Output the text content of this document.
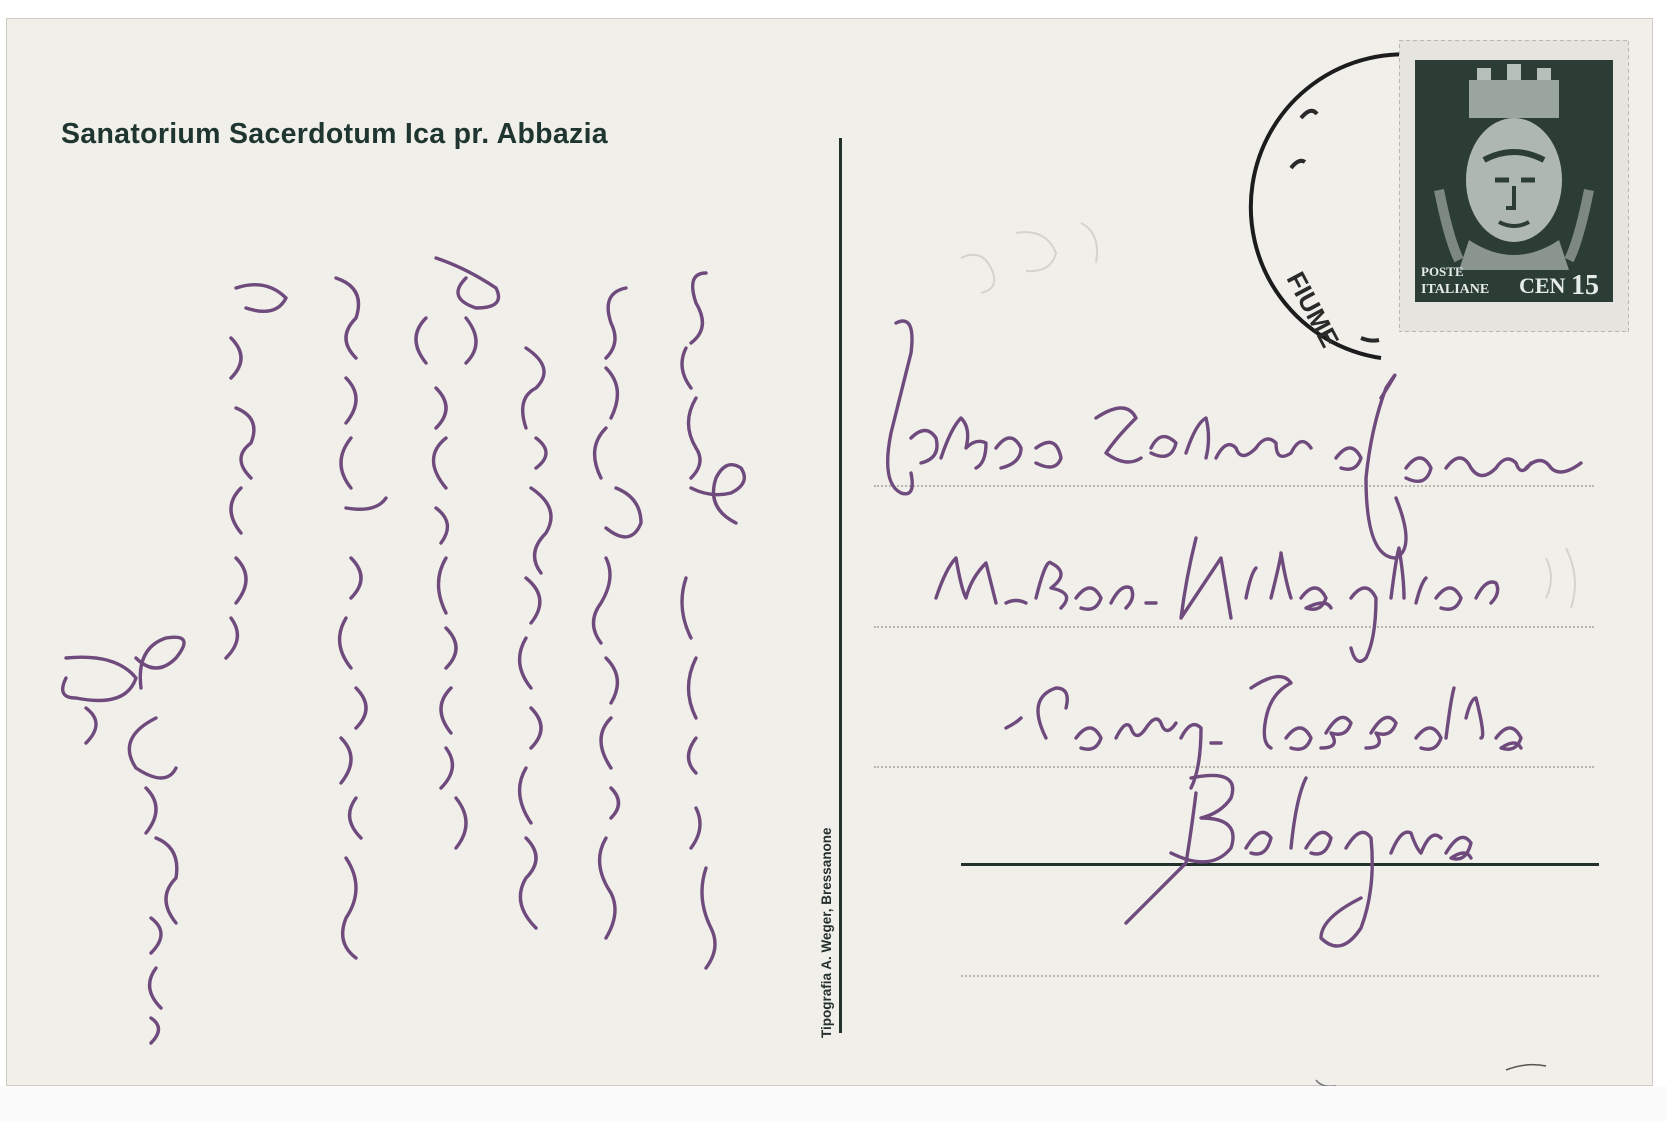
Sanatorium Sacerdotum Ica pr. Abbazia

Tipografia A. Weger, Bressanone

FIUME	POSTE
ITALIANE CEN 15
